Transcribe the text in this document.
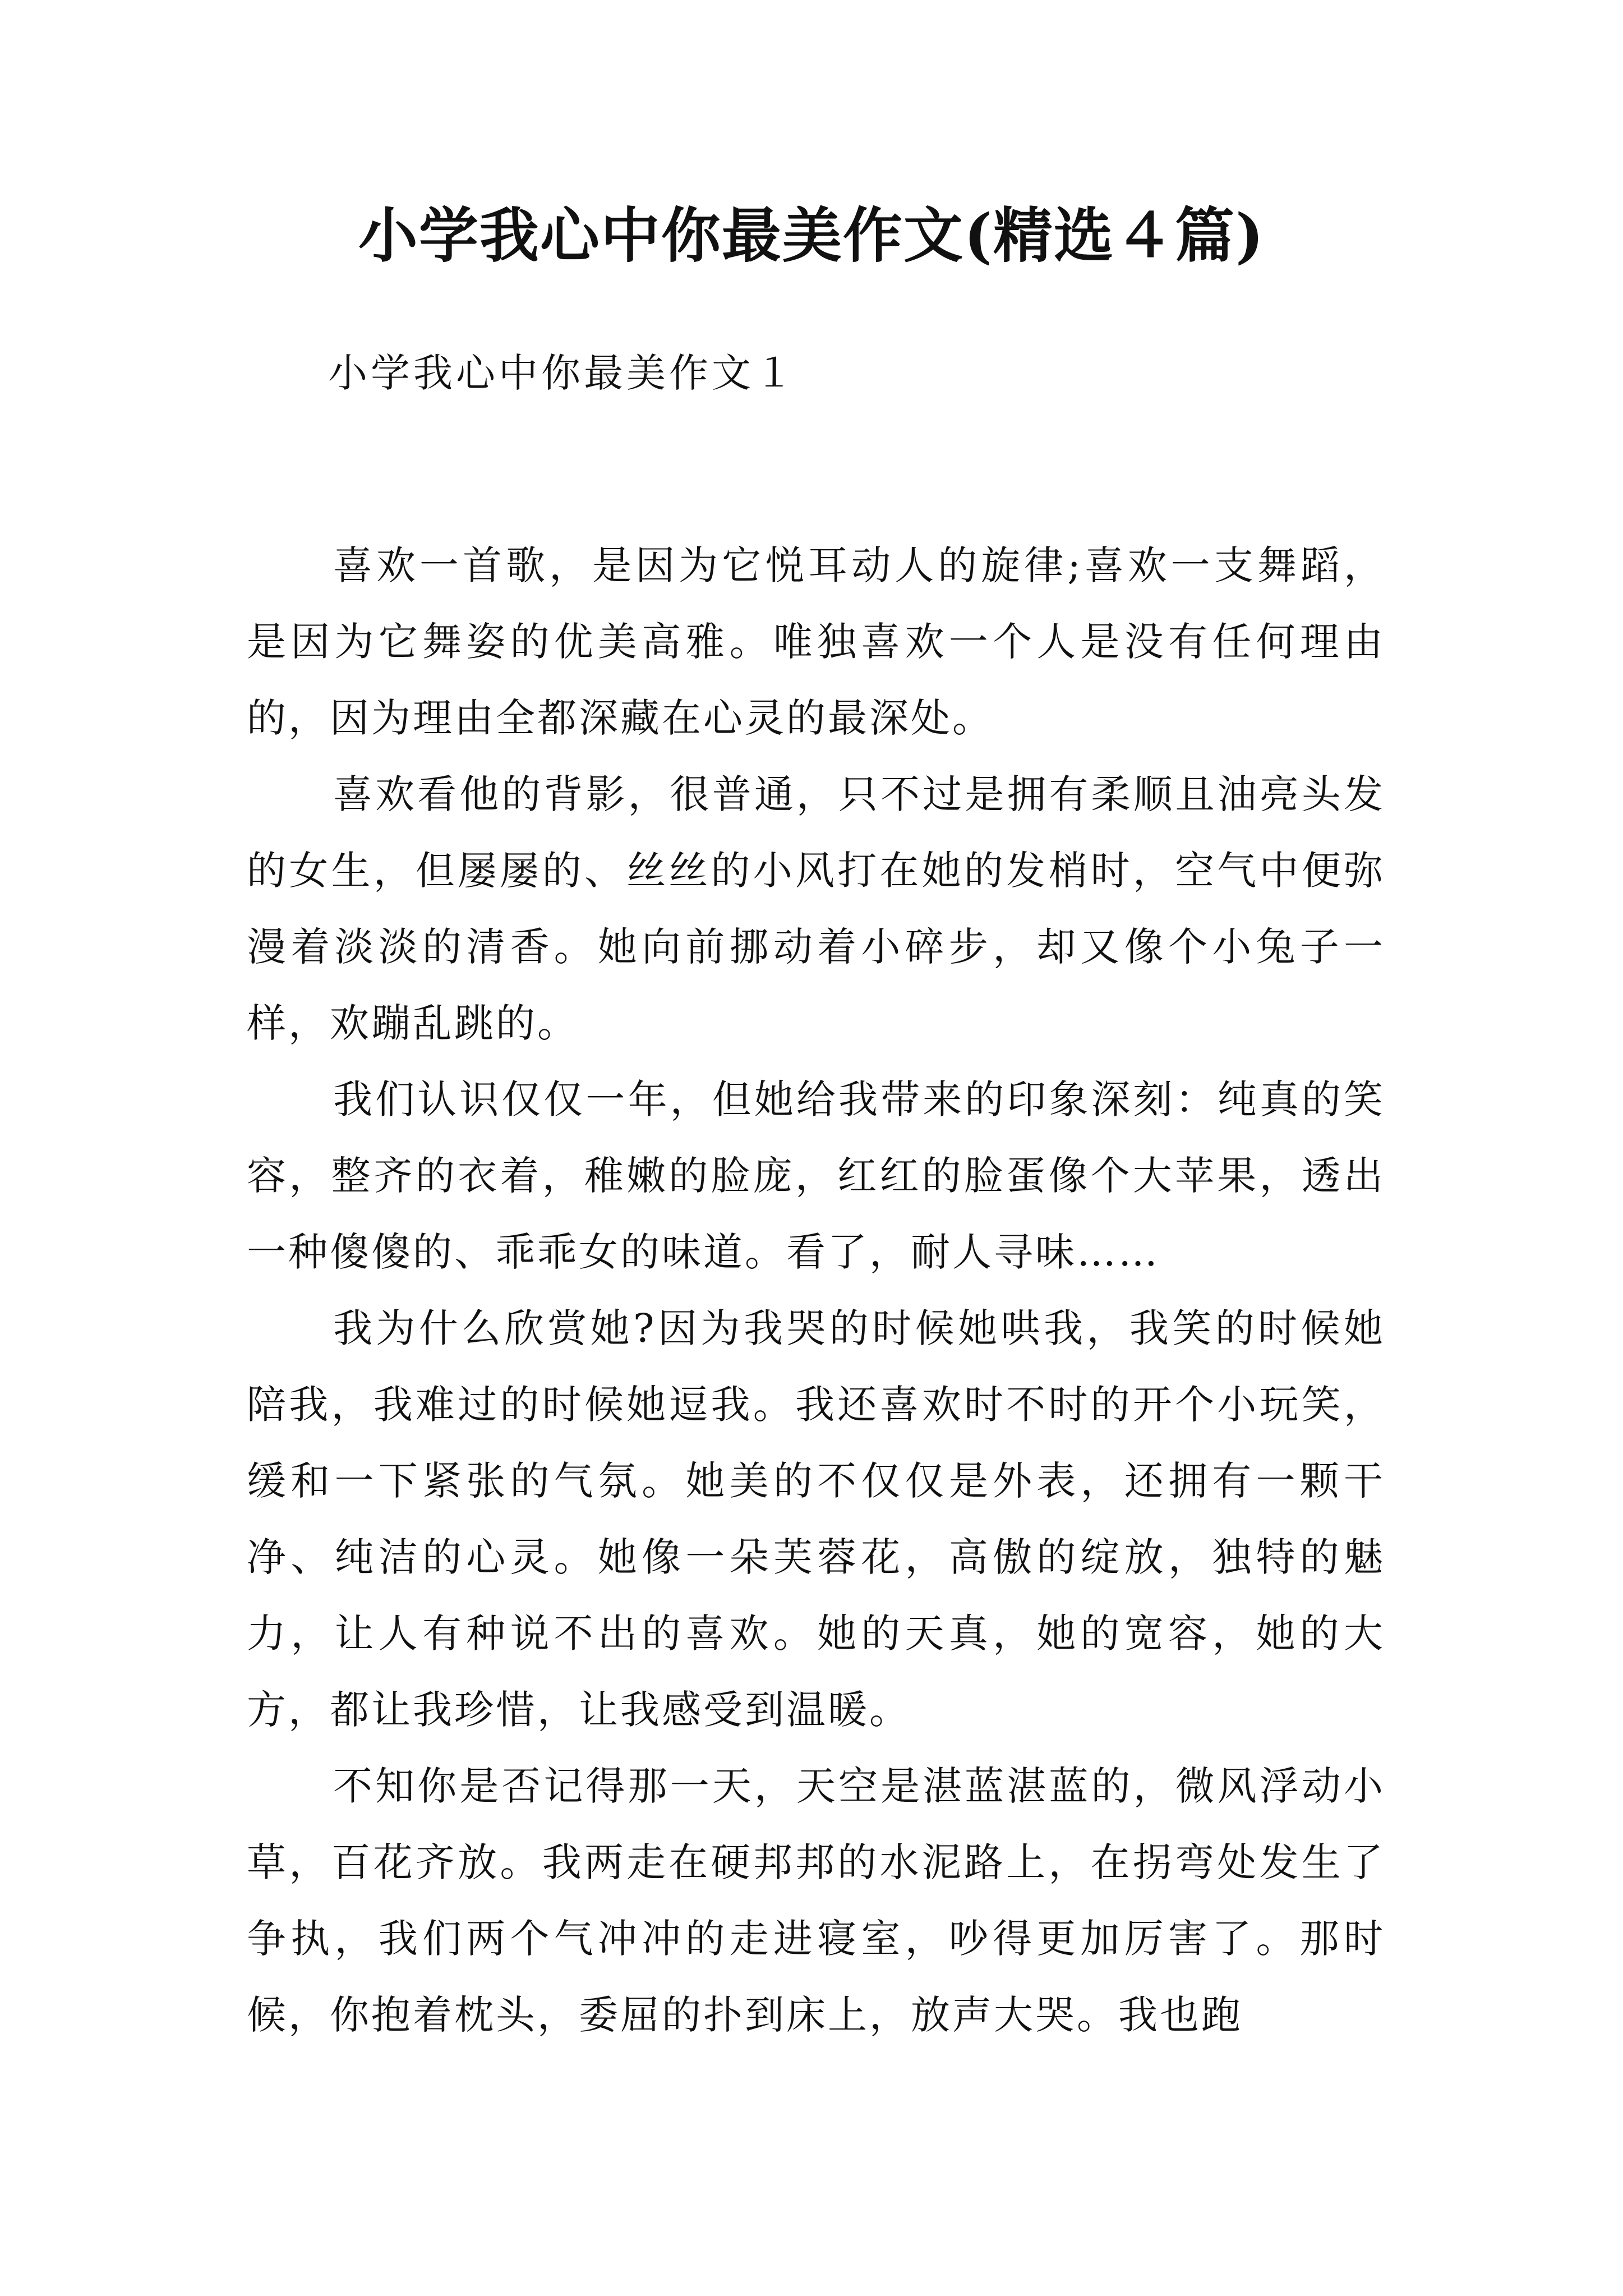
小学我心中你最美作文(精选４篇)
小学我心中你最美作文１

喜欢一首歌，是因为它悦耳动人的旋律;喜欢一支舞蹈，是因为它舞姿的优美高雅。唯独喜欢一个人是没有任何理由的，因为理由全都深藏在心灵的最深处。

喜欢看他的背影，很普通，只不过是拥有柔顺且油亮头发的女生，但屡屡的、丝丝的小风打在她的发梢时，空气中便弥漫着淡淡的清香。她向前挪动着小碎步，却又像个小兔子一样，欢蹦乱跳的。

我们认识仅仅一年，但她给我带来的印象深刻：纯真的笑容，整齐的衣着，稚嫩的脸庞，红红的脸蛋像个大苹果，透出一种傻傻的、乖乖女的味道。看了，耐人寻味……

我为什么欣赏她?因为我哭的时候她哄我，我笑的时候她陪我，我难过的时候她逗我。我还喜欢时不时的开个小玩笑，缓和一下紧张的气氛。她美的不仅仅是外表，还拥有一颗干净、纯洁的心灵。她像一朵芙蓉花，高傲的绽放，独特的魅力，让人有种说不出的喜欢。她的天真，她的宽容，她的大方，都让我珍惜，让我感受到温暖。

不知你是否记得那一天，天空是湛蓝湛蓝的，微风浮动小草，百花齐放。我两走在硬邦邦的水泥路上，在拐弯处发生了争执，我们两个气冲冲的走进寝室，吵得更加厉害了。那时候，你抱着枕头，委屈的扑到床上，放声大哭。我也跑
